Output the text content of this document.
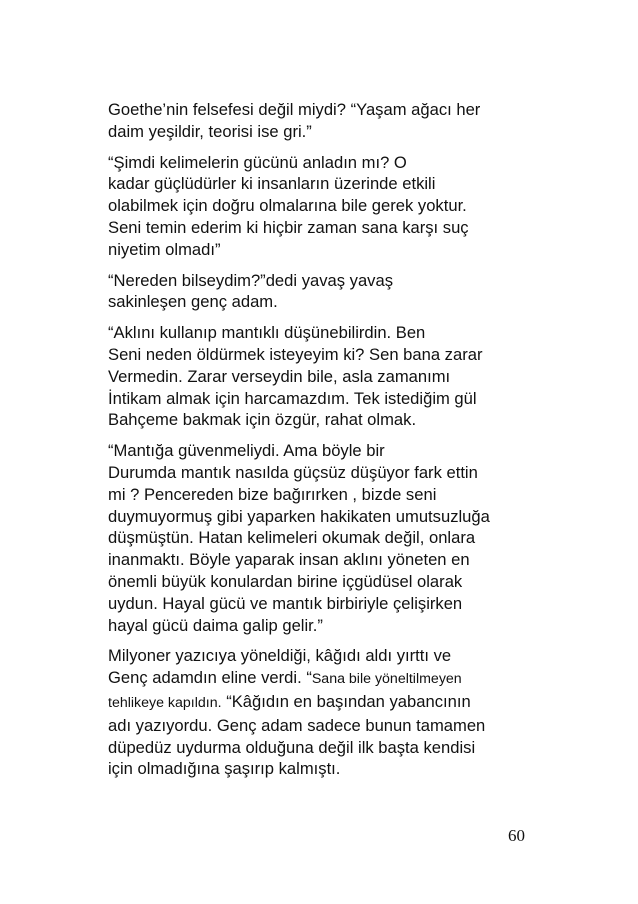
Goethe’nin felsefesi değil miydi? “Yaşam ağacı her
daim yeşildir, teorisi ise gri.”

“Şimdi kelimelerin gücünü anladın mı? O
kadar güçlüdürler ki insanların üzerinde etkili
olabilmek için doğru olmalarına bile gerek yoktur.
Seni temin ederim ki hiçbir zaman sana karşı suç
niyetim olmadı”

“Nereden bilseydim?”dedi yavaş yavaş
sakinleşen genç adam.

“Aklını kullanıp mantıklı düşünebilirdin. Ben
Seni neden öldürmek isteyeyim ki? Sen bana zarar
Vermedin. Zarar verseydin bile, asla zamanımı
İntikam almak için harcamazdım. Tek istediğim gül
Bahçeme bakmak için özgür, rahat olmak.

“Mantığa güvenmeliydi. Ama böyle bir
Durumda mantık nasılda güçsüz düşüyor fark ettin
mi ? Pencereden bize bağırırken , bizde seni
duymuyormuş gibi yaparken hakikaten umutsuzluğa
düşmüştün. Hatan kelimeleri okumak değil, onlara
inanmaktı. Böyle yaparak insan aklını yöneten en
önemli büyük konulardan birine içgüdüsel olarak
uydun. Hayal gücü ve mantık birbiriyle çelişirken
hayal gücü daima galip gelir.”

Milyoner yazıcıya yöneldiği, kâğıdı aldı yırttı ve
Genç adamdın eline verdi. “Sana bile yöneltilmeyen
tehlikeye kapıldın. “Kâğıdın en başından yabancının
adı yazıyordu. Genç adam sadece bunun tamamen
düpedüz uydurma olduğuna değil ilk başta kendisi
için olmadığına şaşırıp kalmıştı.

60
